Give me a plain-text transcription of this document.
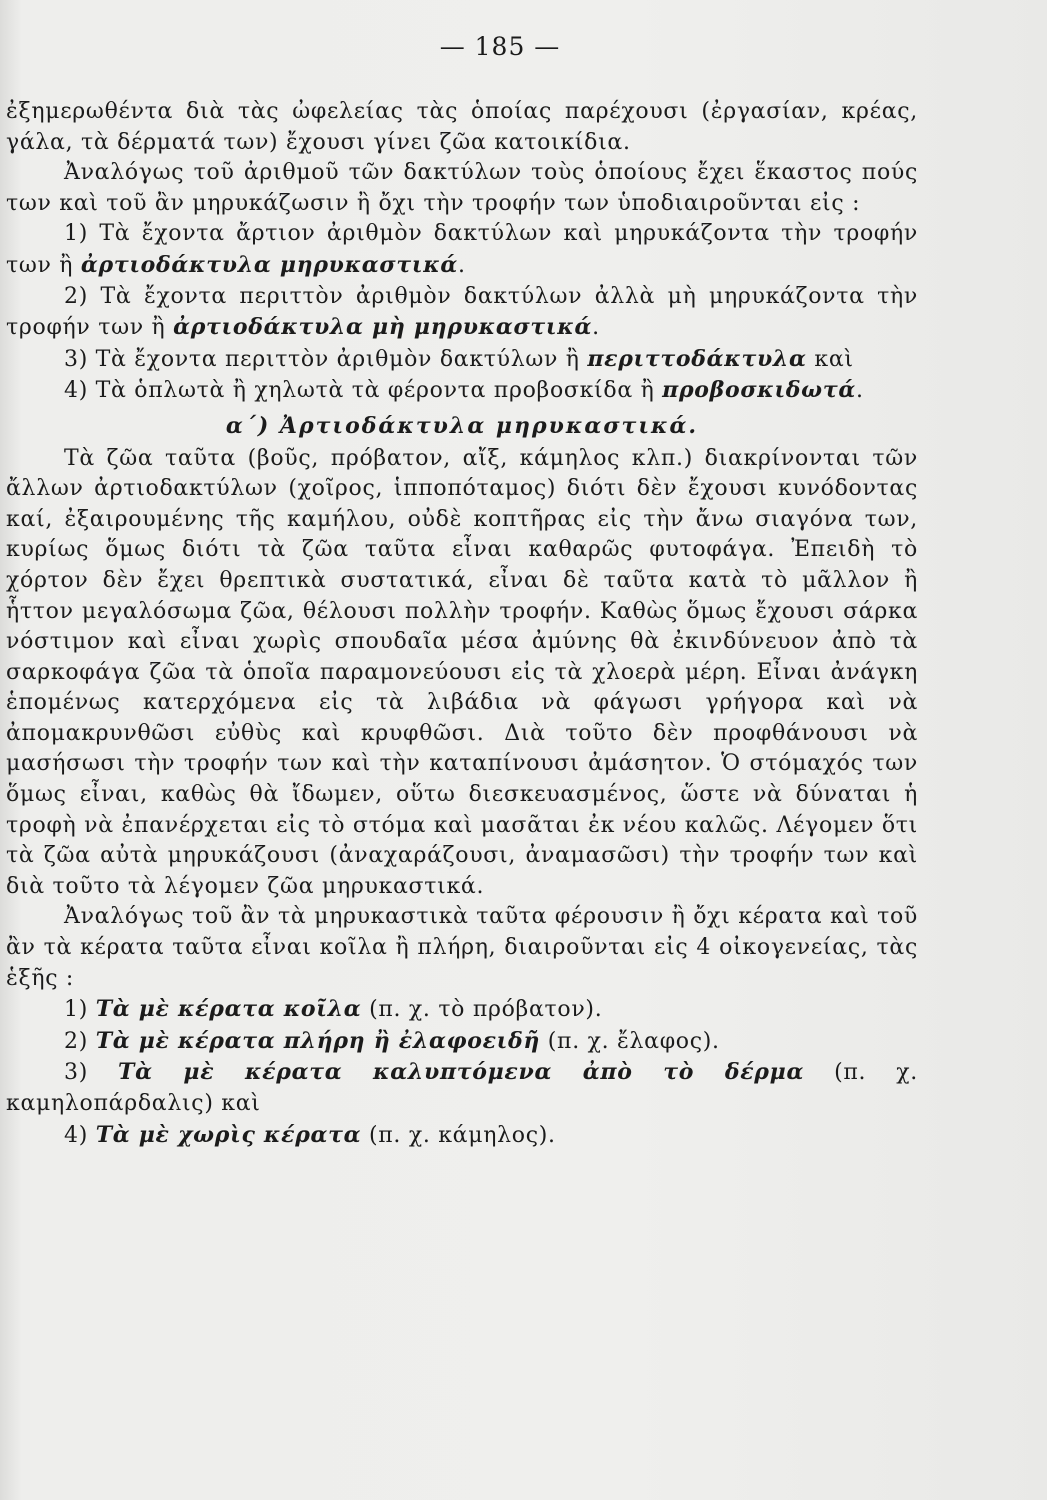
— 185 —

ἐξημερωθέντα διὰ τὰς ὠφελείας τὰς ὁποίας παρέχουσι (ἐργασίαν, κρέας, γάλα, τὰ δέρματά των) ἔχουσι γίνει ζῶα κατοικίδια.

Ἀναλόγως τοῦ ἀριθμοῦ τῶν δακτύλων τοὺς ὁποίους ἔχει ἕκαστος πούς των καὶ τοῦ ἂν μηρυκάζωσιν ἢ ὄχι τὴν τροφήν των ὑποδιαιροῦνται εἰς :

1) Τὰ ἔχοντα ἄρτιον ἀριθμὸν δακτύλων καὶ μηρυκάζοντα τὴν τροφήν των ἢ ἀρτιοδάκτυλα μηρυκαστικά.

2) Τὰ ἔχοντα περιττὸν ἀριθμὸν δακτύλων ἀλλὰ μὴ μηρυκάζοντα τὴν τροφήν των ἢ ἀρτιοδάκτυλα μὴ μηρυκαστικά.

3) Τὰ ἔχοντα περιττὸν ἀριθμὸν δακτύλων ἢ περιττοδάκτυλα καὶ

4) Τὰ ὁπλωτὰ ἢ χηλωτὰ τὰ φέροντα προβοσκίδα ἢ προβοσκιδωτά.

α΄) Ἀρτιοδάκτυλα μηρυκαστικά.

Τὰ ζῶα ταῦτα (βοῦς, πρόβατον, αἴξ, κάμηλος κλπ.) διακρίνονται τῶν ἄλλων ἀρτιοδακτύλων (χοῖρος, ἱπποπόταμος) διότι δὲν ἔχουσι κυνόδοντας καί, ἐξαιρουμένης τῆς καμήλου, οὐδὲ κοπτῆρας εἰς τὴν ἄνω σιαγόνα των, κυρίως ὅμως διότι τὰ ζῶα ταῦτα εἶναι καθαρῶς φυτοφάγα. Ἐπειδὴ τὸ χόρτον δὲν ἔχει θρεπτικὰ συστατικά, εἶναι δὲ ταῦτα κατὰ τὸ μᾶλλον ἢ ἧττον μεγαλόσωμα ζῶα, θέλουσι πολλὴν τροφήν. Καθὼς ὅμως ἔχουσι σάρκα νόστιμον καὶ εἶναι χωρὶς σπουδαῖα μέσα ἀμύνης θὰ ἐκινδύνευον ἀπὸ τὰ σαρκοφάγα ζῶα τὰ ὁποῖα παραμονεύουσι εἰς τὰ χλοερὰ μέρη. Εἶναι ἀνάγκη ἑπομένως κατερχόμενα εἰς τὰ λιβάδια νὰ φάγωσι γρήγορα καὶ νὰ ἀπομακρυνθῶσι εὐθὺς καὶ κρυφθῶσι. Διὰ τοῦτο δὲν προφθάνουσι νὰ μασήσωσι τὴν τροφήν των καὶ τὴν καταπίνουσι ἀμάσητον. Ὁ στόμαχός των ὅμως εἶναι, καθὼς θὰ ἴδωμεν, οὕτω διεσκευασμένος, ὥστε νὰ δύναται ἡ τροφὴ νὰ ἐπανέρχεται εἰς τὸ στόμα καὶ μασᾶται ἐκ νέου καλῶς. Λέγομεν ὅτι τὰ ζῶα αὐτὰ μηρυκάζουσι (ἀναχαράζουσι, ἀναμασῶσι) τὴν τροφήν των καὶ διὰ τοῦτο τὰ λέγομεν ζῶα μηρυκαστικά.

Ἀναλόγως τοῦ ἂν τὰ μηρυκαστικὰ ταῦτα φέρουσιν ἢ ὄχι κέρατα καὶ τοῦ ἂν τὰ κέρατα ταῦτα εἶναι κοῖλα ἢ πλήρη, διαιροῦνται εἰς 4 οἰκογενείας, τὰς ἑξῆς :

1) Τὰ μὲ κέρατα κοῖλα (π. χ. τὸ πρόβατον).

2) Τὰ μὲ κέρατα πλήρη ἢ ἐλαφοειδῆ (π. χ. ἔλαφος).

3) Τὰ μὲ κέρατα καλυπτόμενα ἀπὸ τὸ δέρμα (π. χ. καμηλοπάρδαλις) καὶ

4) Τὰ μὲ χωρὶς κέρατα (π. χ. κάμηλος).
